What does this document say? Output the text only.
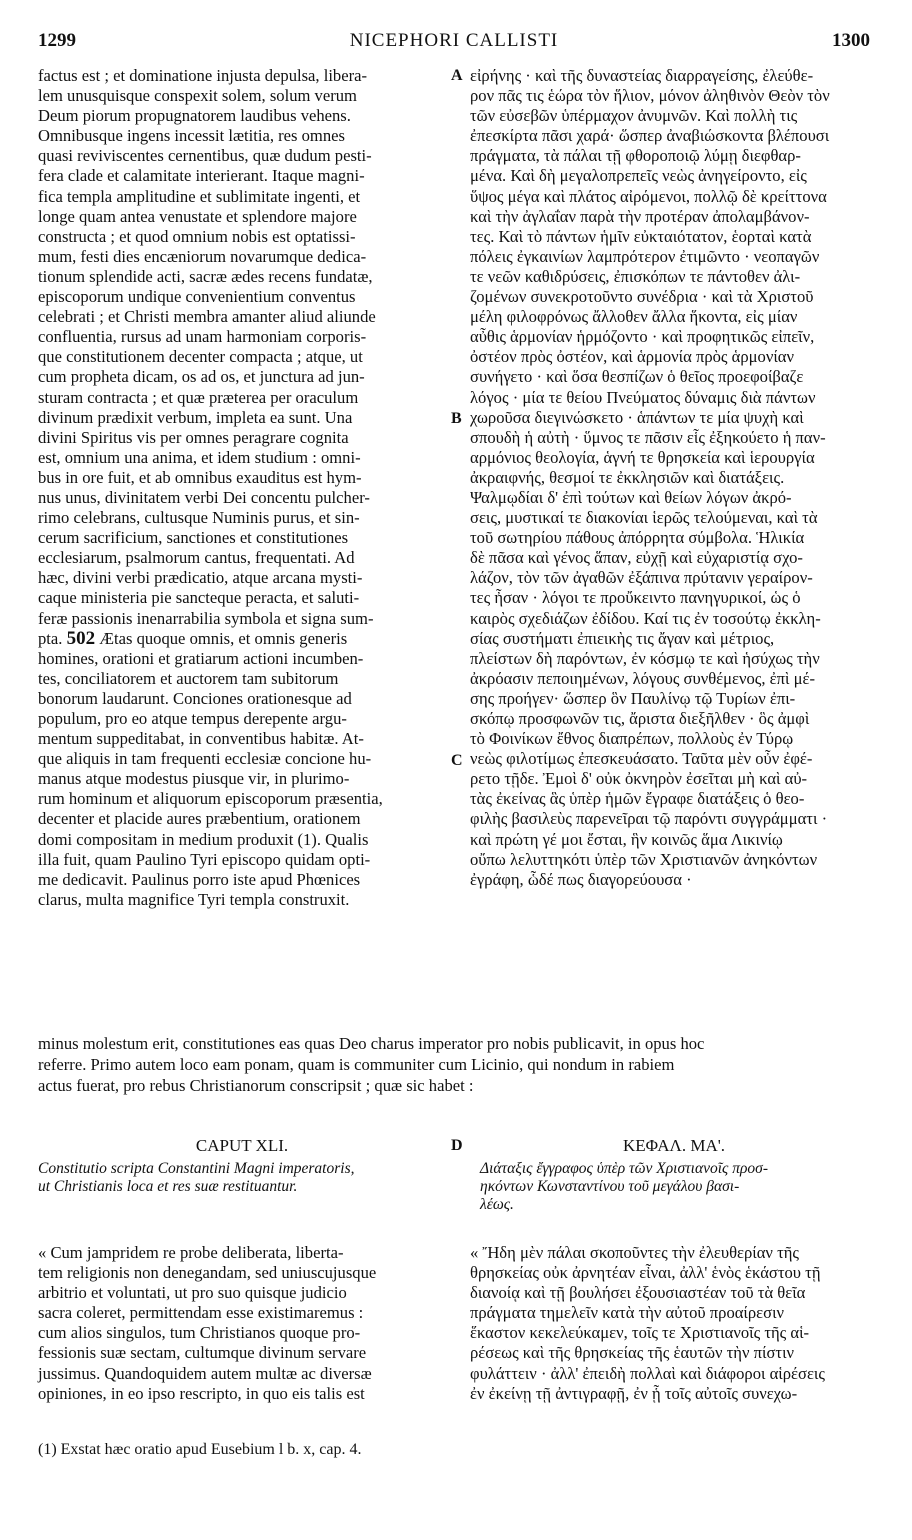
1299	NICEPHORI CALLISTI	1300
factus est ; et dominatione injusta depulsa, libera-
lem unusquisque conspexit solem, solum verum
Deum piorum propugnatorem laudibus vehens.
Omnibusque ingens incessit lætitia, res omnes
quasi reviviscentes cernentibus, quæ dudum pesti-
fera clade et calamitate interierant. Itaque magni-
fica templa amplitudine et sublimitate ingenti, et
longe quam antea venustate et splendore majore
constructa ; et quod omnium nobis est optatissi-
mum, festi dies encæniorum novarumque dedica-
tionum splendide acti, sacræ ædes recens fundatæ,
episcoporum undique convenientium conventus
celebrati ; et Christi membra amanter aliud aliunde
confluentia, rursus ad unam harmoniam corporis-
que constitutionem decenter compacta ; atque, ut
cum propheta dicam, os ad os, et junctura ad jun-
sturam contracta ; et quæ præterea per oraculum
divinum prædixit verbum, impleta ea sunt. Una
divini Spiritus vis per omnes peragrare cognita
est, omnium una anima, et idem studium : omni-
bus in ore fuit, et ab omnibus exauditus est hym-
nus unus, divinitatem verbi Dei concentu pulcher-
rimo celebrans, cultusque Numinis purus, et sin-
cerum sacrificium, sanctiones et constitutiones
ecclesiarum, psalmorum cantus, frequentati. Ad
hæc, divini verbi prædicatio, atque arcana mysti-
caque ministeria pie sancteque peracta, et saluti-
feræ passionis inenarrabilia symbola et signa sum-
pta. 502 Ætas quoque omnis, et omnis generis
homines, orationi et gratiarum actioni incumben-
tes, conciliatorem et auctorem tam subitorum
bonorum laudarunt. Conciones orationesque ad
populum, pro eo atque tempus derepente argu-
mentum suppeditabat, in conventibus habitæ. At-
que aliquis in tam frequenti ecclesiæ concione hu-
manus atque modestus piusque vir, in plurimo-
rum hominum et aliquorum episcoporum præsentia,
decenter et placide aures præbentium, orationem
domi compositam in medium produxit (1). Qualis
illa fuit, quam Paulino Tyri episcopo quidam opti-
me dedicavit. Paulinus porro iste apud Phœnices
clarus, multa magnifice Tyri templa construxit.
εἰρήνης · καὶ τῆς δυναστείας διαρραγείσης, ἐλεύθε-
ρον πᾶς τις ἑώρα τὸν ἥλιον, μόνον ἀληθινὸν Θεὸν τὸν
τῶν εὐσεβῶν ὑπέρμαχον ἀνυμνῶν. Καὶ πολλὴ τις
ἐπεσκίρτα πᾶσι χαρά· ὥσπερ ἀναβιώσκοντα βλέπουσι
πράγματα, τὰ πάλαι τῇ φθοροποιῷ λύμῃ διεφθαρ-
μένα. Καὶ δὴ μεγαλοπρεπεῖς νεὼς ἀνηγείροντο, εἰς
ὕψος μέγα καὶ πλάτος αἰρόμενοι, πολλῷ δὲ κρείττονα
καὶ τὴν ἀγλαΐαν παρὰ τὴν προτέραν ἀπολαμβάνον-
τες. Καὶ τὸ πάντων ἡμῖν εὐκταιότατον, ἑορταὶ κατὰ
πόλεις ἐγκαινίων λαμπρότερον ἐτιμῶντο · νεοπαγῶν
τε νεῶν καθιδρύσεις, ἐπισκόπων τε πάντοθεν ἀλι-
ζομένων συνεκροτοῦντο συνέδρια · καὶ τὰ Χριστοῦ
μέλη φιλοφρόνως ἄλλοθεν ἄλλα ἥκοντα, εἰς μίαν
αὖθις ἁρμονίαν ἡρμόζοντο · καὶ προφητικῶς εἰπεῖν,
ὀστέον πρὸς ὀστέον, καὶ ἁρμονία πρὸς ἁρμονίαν
συνήγετο · καὶ ὅσα θεσπίζων ὁ θεῖος προεφοίβαζε
λόγος · μία τε θείου Πνεύματος δύναμις διὰ πάντων
χωροῦσα διεγινώσκετο · ἁπάντων τε μία ψυχὴ καὶ
σπουδὴ ἡ αὐτὴ · ὕμνος τε πᾶσιν εἷς ἐξηκούετο ἡ παν-
αρμόνιος θεολογία, ἁγνή τε θρησκεία καὶ ἱερουργία
ἀκραιφνής, θεσμοί τε ἐκκλησιῶν καὶ διατάξεις.
Ψαλμῳδίαι δ' ἐπὶ τούτων καὶ θείων λόγων ἀκρό-
σεις, μυστικαί τε διακονίαι ἱερῶς τελούμεναι, καὶ τὰ
τοῦ σωτηρίου πάθους ἀπόρρητα σύμβολα. Ἡλικία
δὲ πᾶσα καὶ γένος ἅπαν, εὐχῇ καὶ εὐχαριστίᾳ σχο-
λάζον, τὸν τῶν ἀγαθῶν ἐξάπινα πρύτανιν γεραίρον-
τες ἦσαν · λόγοι τε προὔκειντο πανηγυρικοί, ὡς ὁ
καιρὸς σχεδιάζων ἐδίδου. Καί τις ἐν τοσούτῳ ἐκκλη-
σίας συστήματι ἐπιεικὴς τις ἄγαν καὶ μέτριος,
πλείστων δὴ παρόντων, ἐν κόσμῳ τε καὶ ἡσύχως τὴν
ἀκρόασιν πεποιημένων, λόγους συνθέμενος, ἐπὶ μέ-
σης προήγεν· ὥσπερ ὃν Παυλίνῳ τῷ Τυρίων ἐπι-
σκόπῳ προσφωνῶν τις, ἄριστα διεξῆλθεν · ὃς ἀμφὶ
τὸ Φοινίκων ἔθνος διαπρέπων, πολλοὺς ἐν Τύρῳ
νεὼς φιλοτίμως ἐπεσκευάσατο. Ταῦτα μὲν οὖν ἐφέ-
ρετο τῇδε. Ἐμοὶ δ' οὐκ ὀκνηρὸν ἐσεῖται μὴ καὶ αὐ-
τὰς ἐκείνας ἃς ὑπὲρ ἡμῶν ἔγραφε διατάξεις ὁ θεο-
φιλὴς βασιλεὺς παρενεῖραι τῷ παρόντι συγγράμματι ·
καὶ πρώτη γέ μοι ἔσται, ἣν κοινῶς ἅμα Λικινίῳ
οὔπω λελυττηκότι ὑπὲρ τῶν Χριστιανῶν ἀνηκόντων
ἐγράφη, ὧδέ πως διαγορεύουσα ·
A
B
C
D
minus molestum erit, constitutiones eas quas Deo charus imperator pro nobis publicavit, in opus hoc
referre. Primo autem loco eam ponam, quam is communiter cum Licinio, qui nondum in rabiem
actus fuerat, pro rebus Christianorum conscripsit ; quæ sic habet :
CAPUT XLI.
Constitutio scripta Constantini Magni imperatoris,
ut Christianis loca et res suæ restituantur.
ΚΕΦΑΛ. ΜΑ'.
Διάταξις ἔγγραφος ὑπὲρ τῶν Χριστιανοῖς προσ-
ηκόντων Κωνσταντίνου τοῦ μεγάλου βασι-
λέως.
« Cum jampridem re probe deliberata, liberta-
tem religionis non denegandam, sed uniuscujusque
arbitrio et voluntati, ut pro suo quisque judicio
sacra coleret, permittendam esse existimaremus :
cum alios singulos, tum Christianos quoque pro-
fessionis suæ sectam, cultumque divinum servare
jussimus. Quandoquidem autem multæ ac diversæ
opiniones, in eo ipso rescripto, in quo eis talis est
« Ἤδη μὲν πάλαι σκοποῦντες τὴν ἐλευθερίαν τῆς
θρησκείας οὐκ ἀρνητέαν εἶναι, ἀλλ' ἑνὸς ἑκάστου τῇ
διανοίᾳ καὶ τῇ βουλήσει ἐξουσιαστέαν τοῦ τὰ θεῖα
πράγματα τημελεῖν κατὰ τὴν αὐτοῦ προαίρεσιν
ἕκαστον κεκελεύκαμεν, τοῖς τε Χριστιανοῖς τῆς αἱ-
ρέσεως καὶ τῆς θρησκείας τῆς ἑαυτῶν τὴν πίστιν
φυλάττειν · ἀλλ' ἐπειδὴ πολλαὶ καὶ διάφοροι αἱρέσεις
ἐν ἐκείνῃ τῇ ἀντιγραφῇ, ἐν ᾗ τοῖς αὐτοῖς συνεχω-
(1) Exstat hæc oratio apud Eusebium l b. x, cap. 4.
